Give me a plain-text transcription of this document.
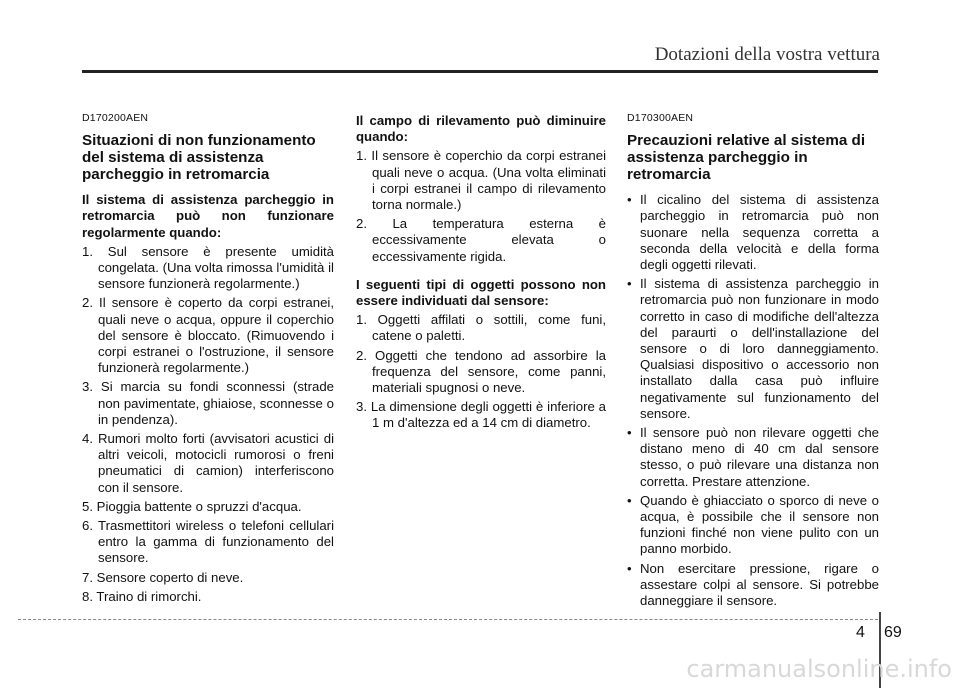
Dotazioni della vostra vettura
D170200AEN
Situazioni di non funzionamento del sistema di assistenza parcheggio in retromarcia
Il sistema di assistenza parcheggio in retromarcia può non funzionare regolarmente quando:
1. Sul sensore è presente umidità congelata. (Una volta rimossa l'umidità il sensore funzionerà regolarmente.)
2. Il sensore è coperto da corpi estranei, quali neve o acqua, oppure il coperchio del sensore è bloccato. (Rimuovendo i corpi estranei o l'ostruzione, il sensore funzionerà regolarmente.)
3. Si marcia su fondi sconnessi (strade non pavimentate, ghiaiose, sconnesse o in pendenza).
4. Rumori molto forti (avvisatori acustici di altri veicoli, motocicli rumorosi o freni pneumatici di camion) interferiscono con il sensore.
5. Pioggia battente o spruzzi d'acqua.
6. Trasmettitori wireless o telefoni cellulari entro la gamma di funzionamento del sensore.
7. Sensore coperto di neve.
8. Traino di rimorchi.
Il campo di rilevamento può diminuire quando:
1. Il sensore è coperchio da corpi estranei quali neve o acqua. (Una volta eliminati i corpi estranei il campo di rilevamento torna normale.)
2. La temperatura esterna è eccessivamente elevata o eccessivamente rigida.
I seguenti tipi di oggetti possono non essere individuati dal sensore:
1. Oggetti affilati o sottili, come funi, catene o paletti.
2. Oggetti che tendono ad assorbire la frequenza del sensore, come panni, materiali spugnosi o neve.
3. La dimensione degli oggetti è inferiore a 1 m d'altezza ed a 14 cm di diametro.
D170300AEN
Precauzioni relative al sistema di assistenza parcheggio in retromarcia
• Il cicalino del sistema di assistenza parcheggio in retromarcia può non suonare nella sequenza corretta a seconda della velocità e della forma degli oggetti rilevati.
• Il sistema di assistenza parcheggio in retromarcia può non funzionare in modo corretto in caso di modifiche dell'altezza del paraurti o dell'installazione del sensore o di loro danneggiamento. Qualsiasi dispositivo o accessorio non installato dalla casa può influire negativamente sul funzionamento del sensore.
• Il sensore può non rilevare oggetti che distano meno di 40 cm dal sensore stesso, o può rilevare una distanza non corretta. Prestare attenzione.
• Quando è ghiacciato o sporco di neve o acqua, è possibile che il sensore non funzioni finché non viene pulito con un panno morbido.
• Non esercitare pressione, rigare o assestare colpi al sensore. Si potrebbe danneggiare il sensore.
4 69
carmanualsonline.info
